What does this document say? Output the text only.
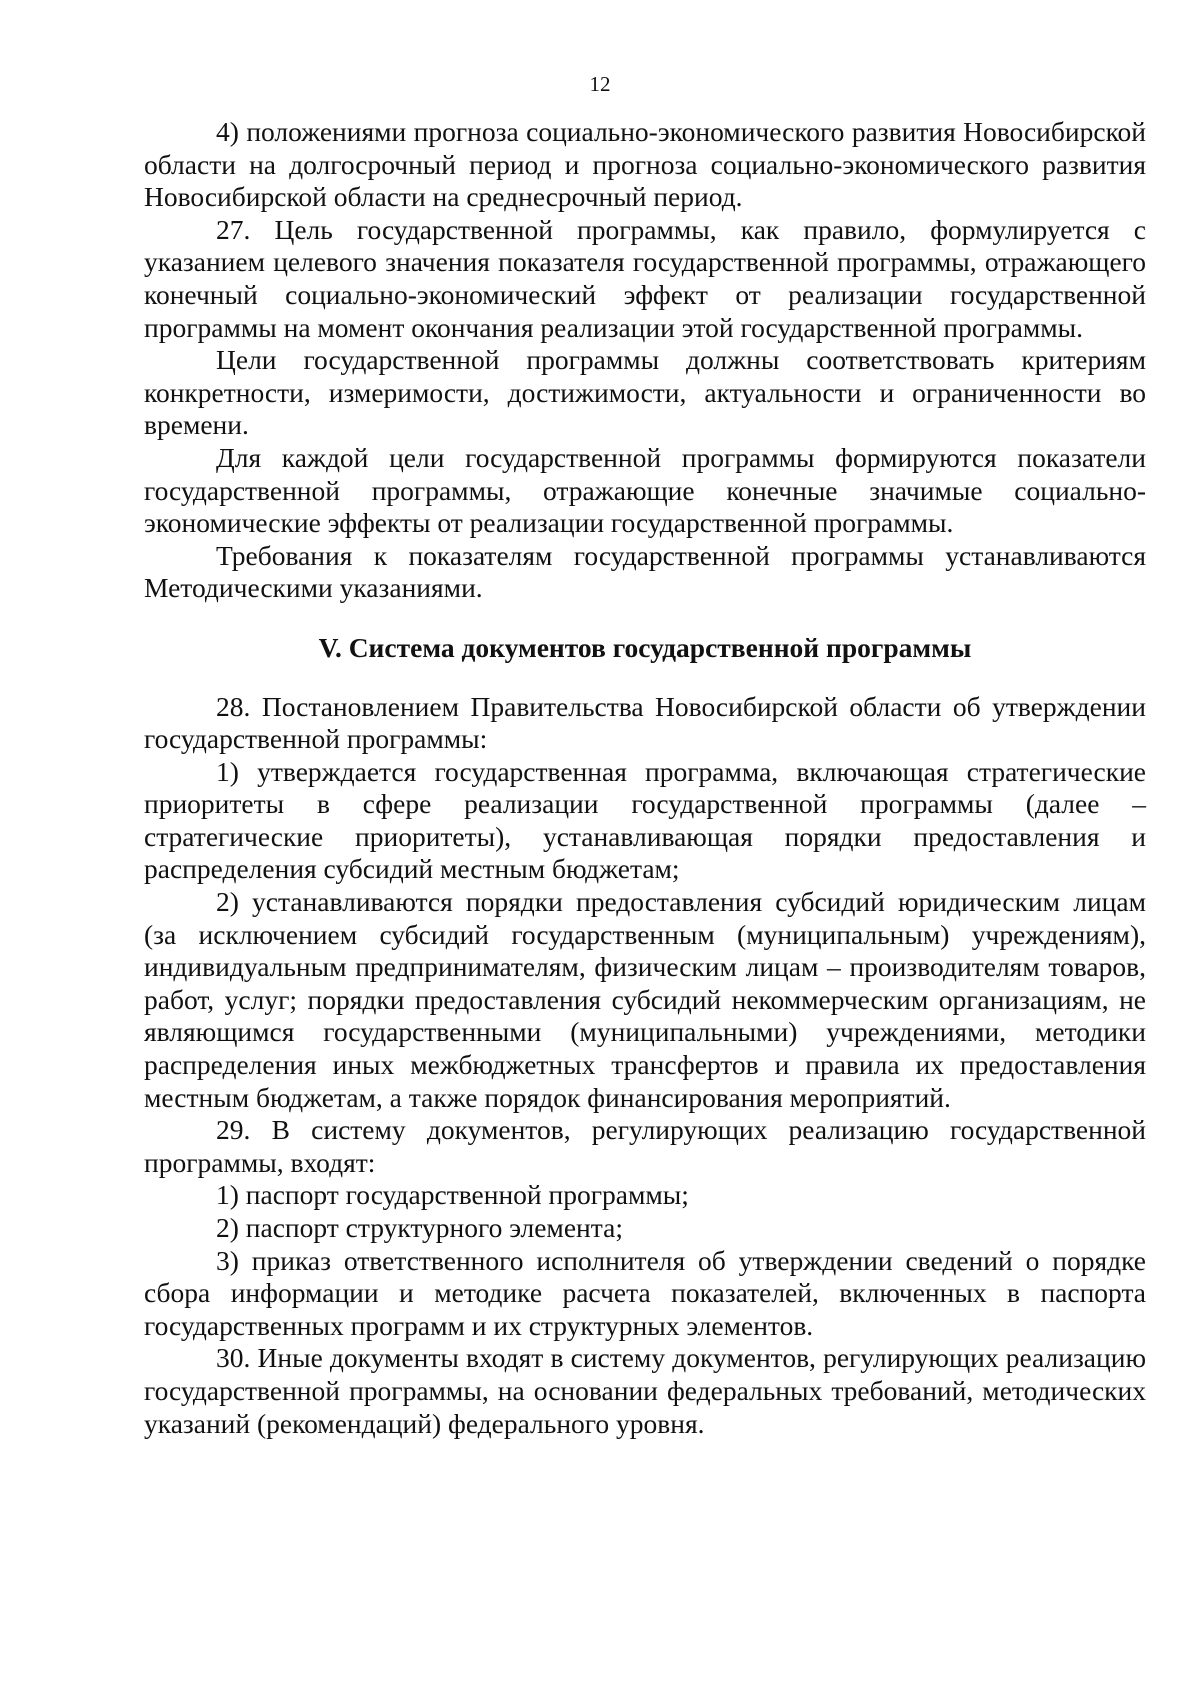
12

4) положениями прогноза социально-экономического развития Новосибирской области на долгосрочный период и прогноза социально-экономического развития Новосибирской области на среднесрочный период.

27. Цель государственной программы, как правило, формулируется с указанием целевого значения показателя государственной программы, отражающего конечный социально-экономический эффект от реализации государственной программы на момент окончания реализации этой государственной программы.

Цели государственной программы должны соответствовать критериям конкретности, измеримости, достижимости, актуальности и ограниченности во времени.

Для каждой цели государственной программы формируются показатели государственной программы, отражающие конечные значимые социально-экономические эффекты от реализации государственной программы.

Требования к показателям государственной программы устанавливаются Методическими указаниями.

V. Система документов государственной программы

28. Постановлением Правительства Новосибирской области об утверждении государственной программы:

1) утверждается государственная программа, включающая стратегические приоритеты в сфере реализации государственной программы (далее – стратегические приоритеты), устанавливающая порядки предоставления и распределения субсидий местным бюджетам;

2) устанавливаются порядки предоставления субсидий юридическим лицам (за исключением субсидий государственным (муниципальным) учреждениям), индивидуальным предпринимателям, физическим лицам – производителям товаров, работ, услуг; порядки предоставления субсидий некоммерческим организациям, не являющимся государственными (муниципальными) учреждениями, методики распределения иных межбюджетных трансфертов и правила их предоставления местным бюджетам, а также порядок финансирования мероприятий.

29. В систему документов, регулирующих реализацию государственной программы, входят:

1) паспорт государственной программы;

2) паспорт структурного элемента;

3) приказ ответственного исполнителя об утверждении сведений о порядке сбора информации и методике расчета показателей, включенных в паспорта государственных программ и их структурных элементов.

30. Иные документы входят в систему документов, регулирующих реализацию государственной программы, на основании федеральных требований, методических указаний (рекомендаций) федерального уровня.
